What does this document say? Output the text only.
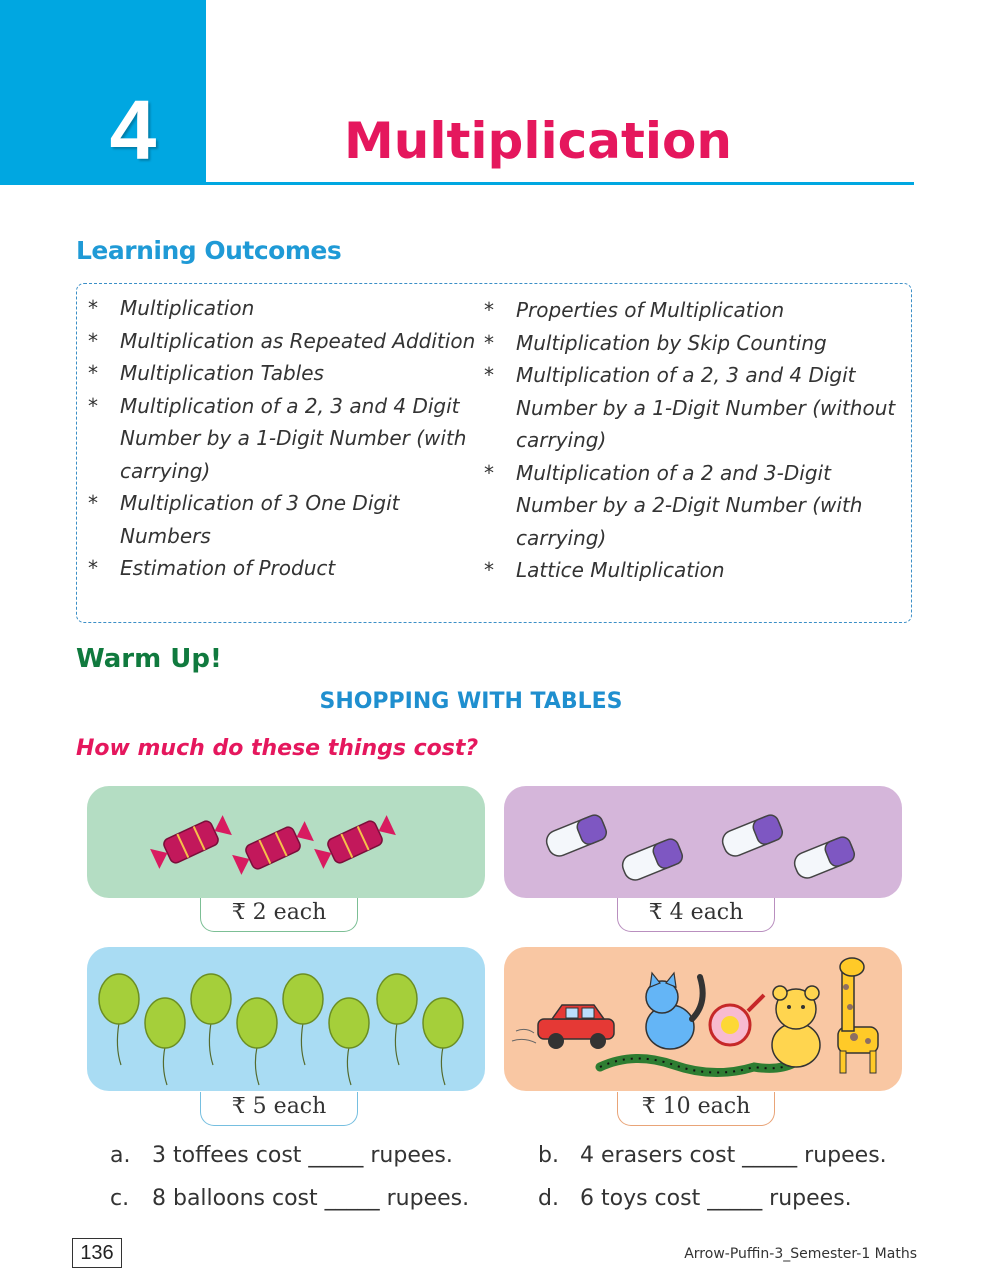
4	Multiplication
Learning Outcomes
* Multiplication
* Multiplication as Repeated Addition
* Multiplication Tables
* Multiplication of a 2, 3 and 4 Digit Number by a 1-Digit Number (with carrying)
* Multiplication of 3 One Digit Numbers
* Estimation of Product
* Properties of Multiplication
* Multiplication by Skip Counting
* Multiplication of a 2, 3 and 4 Digit Number by a 1-Digit Number (without carrying)
* Multiplication of a 2 and 3-Digit Number by a 2-Digit Number (with carrying)
* Lattice Multiplication
Warm Up!
SHOPPING WITH TABLES
How much do these things cost?
₹ 2 each	₹ 4 each
₹ 5 each	₹ 10 each
a. 3 toffees cost _____ rupees.	b. 4 erasers cost _____ rupees.
c. 8 balloons cost _____ rupees.	d. 6 toys cost _____ rupees.
136	Arrow-Puffin-3_Semester-1 Maths
